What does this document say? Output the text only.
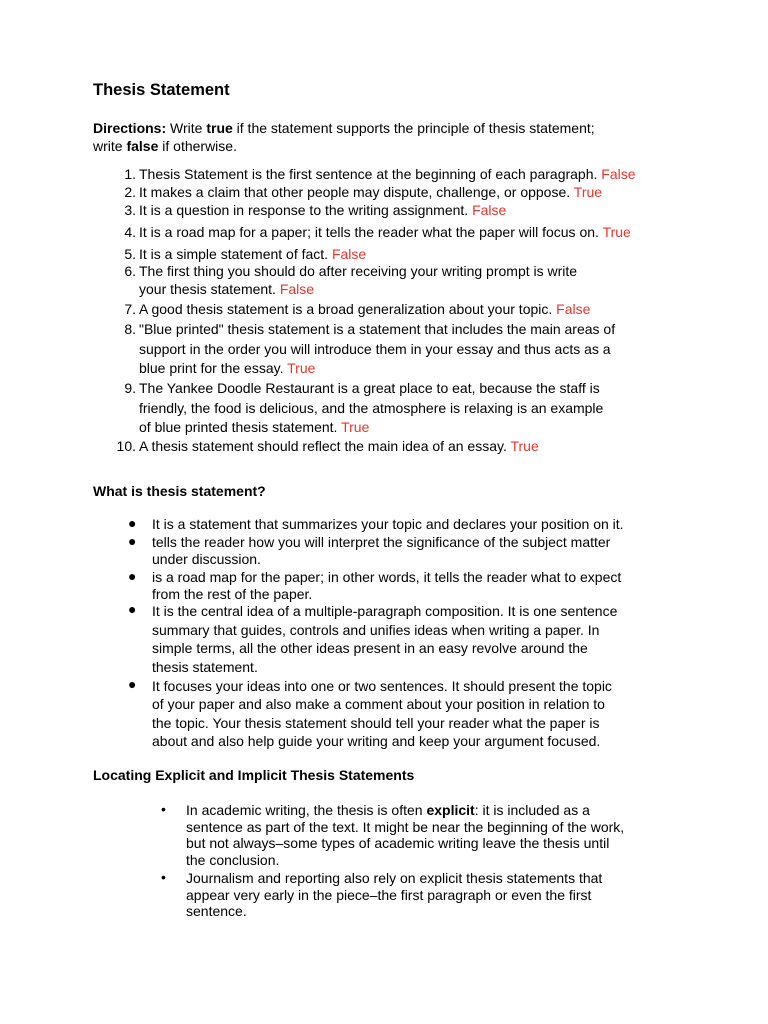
Thesis Statement
Directions: Write true if the statement supports the principle of thesis statement;
write false if otherwise.
1. Thesis Statement is the first sentence at the beginning of each paragraph. False
2. It makes a claim that other people may dispute, challenge, or oppose. True
3. It is a question in response to the writing assignment. False
4. It is a road map for a paper; it tells the reader what the paper will focus on. True
5. It is a simple statement of fact. False
6. The first thing you should do after receiving your writing prompt is write
your thesis statement. False
7. A good thesis statement is a broad generalization about your topic. False
8. "Blue printed" thesis statement is a statement that includes the main areas of
support in the order you will introduce them in your essay and thus acts as a
blue print for the essay. True
9. The Yankee Doodle Restaurant is a great place to eat, because the staff is
friendly, the food is delicious, and the atmosphere is relaxing is an example
of blue printed thesis statement. True
10. A thesis statement should reflect the main idea of an essay. True
What is thesis statement?
● It is a statement that summarizes your topic and declares your position on it.
● tells the reader how you will interpret the significance of the subject matter
under discussion.
● is a road map for the paper; in other words, it tells the reader what to expect
from the rest of the paper.
● It is the central idea of a multiple-paragraph composition. It is one sentence
summary that guides, controls and unifies ideas when writing a paper. In
simple terms, all the other ideas present in an easy revolve around the
thesis statement.
● It focuses your ideas into one or two sentences. It should present the topic
of your paper and also make a comment about your position in relation to
the topic. Your thesis statement should tell your reader what the paper is
about and also help guide your writing and keep your argument focused.
Locating Explicit and Implicit Thesis Statements
• In academic writing, the thesis is often explicit: it is included as a
sentence as part of the text. It might be near the beginning of the work,
but not always–some types of academic writing leave the thesis until
the conclusion.
• Journalism and reporting also rely on explicit thesis statements that
appear very early in the piece–the first paragraph or even the first
sentence.
